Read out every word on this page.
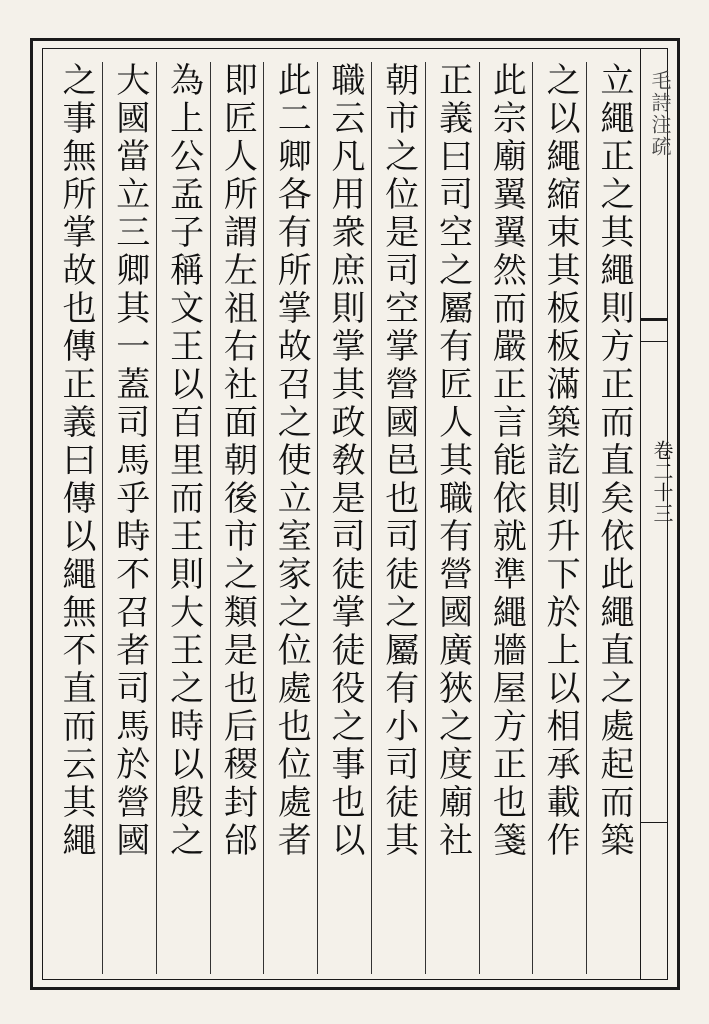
毛詩注疏
卷二十三
立繩正之其繩則方正而直矣依此繩直之處起而築
之以繩縮束其板板滿築訖則升下於上以相承載作
此宗廟翼翼然而嚴正言能依就準繩牆屋方正也箋
正義曰司空之屬有匠人其職有營國廣狹之度廟社
朝市之位是司空掌營國邑也司徒之屬有小司徒其
職云凡用衆庶則掌其政敎是司徒掌徒役之事也以
此二卿各有所掌故召之使立室家之位處也位處者
即匠人所謂左祖右社面朝後市之類是也后稷封邰
為上公孟子稱文王以百里而王則大王之時以殷之
大國當立三卿其一蓋司馬乎時不召者司馬於營國
之事無所掌故也傳正義曰傳以繩無不直而云其繩
